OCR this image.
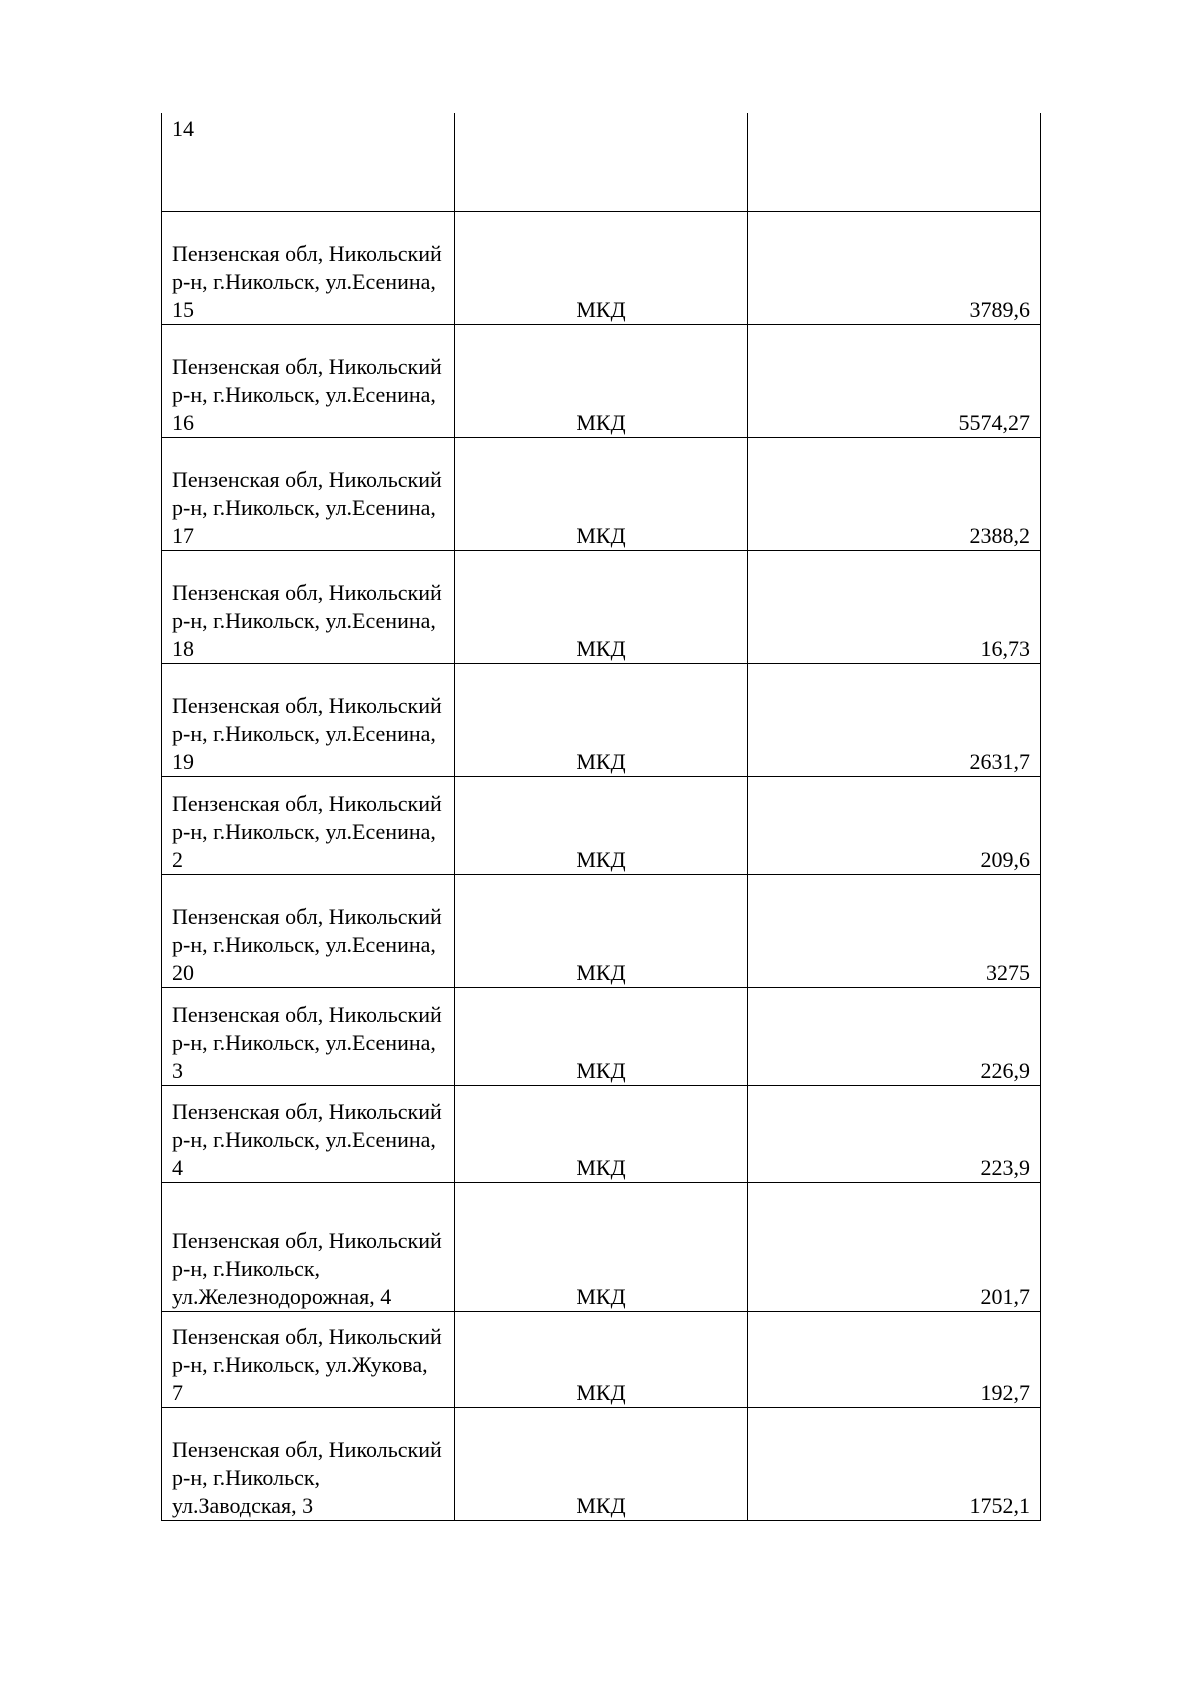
14		
Пензенская обл, Никольский р-н, г.Никольск, ул.Есенина, 15	МКД	3789,6
Пензенская обл, Никольский р-н, г.Никольск, ул.Есенина, 16	МКД	5574,27
Пензенская обл, Никольский р-н, г.Никольск, ул.Есенина, 17	МКД	2388,2
Пензенская обл, Никольский р-н, г.Никольск, ул.Есенина, 18	МКД	16,73
Пензенская обл, Никольский р-н, г.Никольск, ул.Есенина, 19	МКД	2631,7
Пензенская обл, Никольский р-н, г.Никольск, ул.Есенина, 2	МКД	209,6
Пензенская обл, Никольский р-н, г.Никольск, ул.Есенина, 20	МКД	3275
Пензенская обл, Никольский р-н, г.Никольск, ул.Есенина, 3	МКД	226,9
Пензенская обл, Никольский р-н, г.Никольск, ул.Есенина, 4	МКД	223,9
Пензенская обл, Никольский р-н, г.Никольск, ул.Железнодорожная, 4	МКД	201,7
Пензенская обл, Никольский р-н, г.Никольск, ул.Жукова, 7	МКД	192,7
Пензенская обл, Никольский р-н, г.Никольск, ул.Заводская, 3	МКД	1752,1
